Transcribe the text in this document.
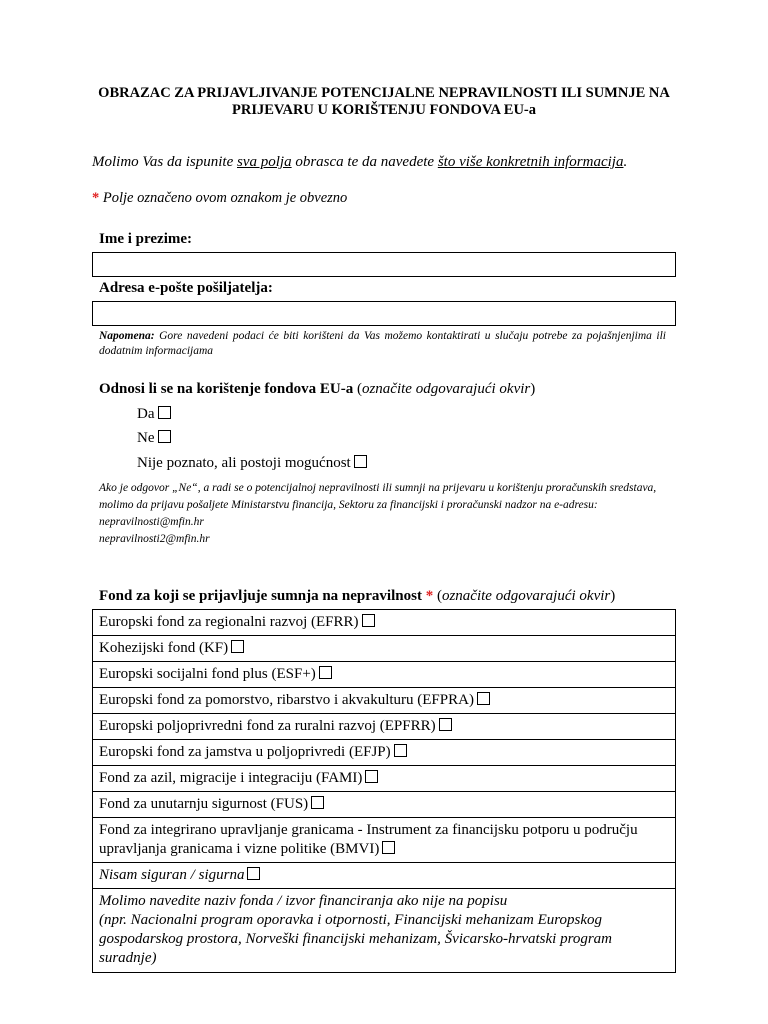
OBRAZAC ZA PRIJAVLJIVANJE POTENCIJALNE NEPRAVILNOSTI ILI SUMNJE NA PRIJEVARU U KORIŠTENJU FONDOVA EU-a
Molimo Vas da ispunite sva polja obrasca te da navedete što više konkretnih informacija.
* Polje označeno ovom oznakom je obvezno
Ime i prezime:
Adresa e-pošte pošiljatelja:
Napomena: Gore navedeni podaci će biti korišteni da Vas možemo kontaktirati u slučaju potrebe za pojašnjenjima ili dodatnim informacijama
Odnosi li se na korištenje fondova EU-a (označite odgovarajući okvir)
Da
Ne
Nije poznato, ali postoji mogućnost
Ako je odgovor „Ne“, a radi se o potencijalnoj nepravilnosti ili sumnji na prijevaru u korištenju proračunskih sredstava, molimo da prijavu pošaljete Ministarstvu financija, Sektoru za financijski i proračunski nadzor na e-adresu:
nepravilnosti@mfin.hr
nepravilnosti2@mfin.hr
Fond za koji se prijavljuje sumnja na nepravilnost * (označite odgovarajući okvir)
Europski fond za regionalni razvoj (EFRR)
Kohezijski fond (KF)
Europski socijalni fond plus (ESF+)
Europski fond za pomorstvo, ribarstvo i akvakulturu (EFPRA)
Europski poljoprivredni fond za ruralni razvoj (EPFRR)
Europski fond za jamstva u poljoprivredi (EFJP)
Fond za azil, migracije i integraciju (FAMI)
Fond za unutarnju sigurnost (FUS)
Fond za integrirano upravljanje granicama - Instrument za financijsku potporu u području upravljanja granicama i vizne politike (BMVI)
Nisam siguran / sigurna

Molimo navedite naziv fonda / izvor financiranja ako nije na popisu
(npr. Nacionalni program oporavka i otpornosti, Financijski mehanizam Europskog gospodarskog prostora, Norveški financijski mehanizam, Švicarsko-hrvatski program suradnje)
